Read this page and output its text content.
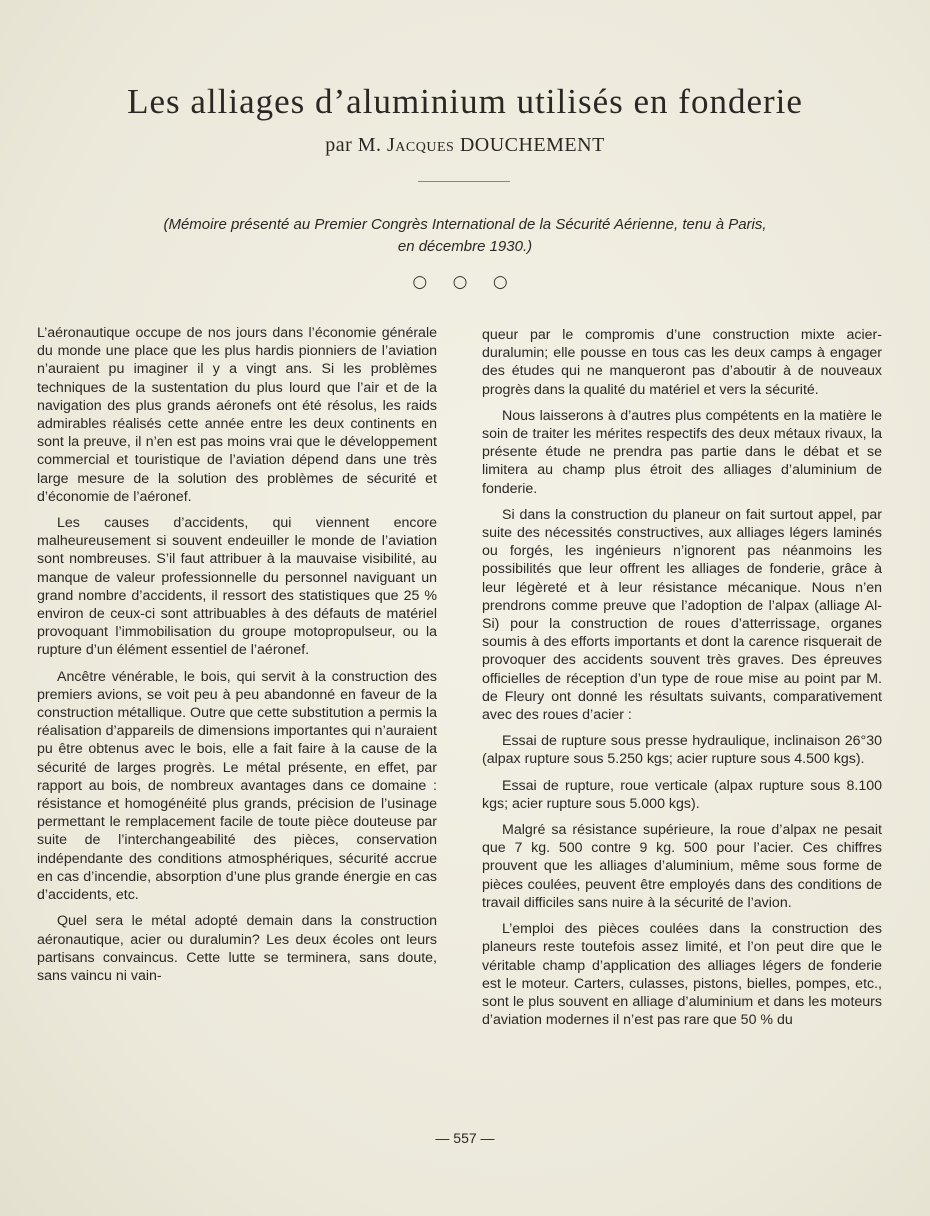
Les alliages d’aluminium utilisés en fonderie
par M. Jacques DOUCHEMENT
(Mémoire présenté au Premier Congrès International de la Sécurité Aérienne, tenu à Paris,
en décembre 1930.)
○ ○ ○

L’aéronautique occupe de nos jours dans l’économie générale du monde une place que les plus hardis pionniers de l’aviation n’auraient pu imaginer il y a vingt ans. Si les problèmes techniques de la sustentation du plus lourd que l’air et de la navigation des plus grands aéronefs ont été résolus, les raids admirables réalisés cette année entre les deux continents en sont la preuve, il n’en est pas moins vrai que le développement commercial et touristique de l’aviation dépend dans une très large mesure de la solution des problèmes de sécurité et d’économie de l’aéronef.

Les causes d’accidents, qui viennent encore malheureusement si souvent endeuiller le monde de l’aviation sont nombreuses. S’il faut attribuer à la mauvaise visibilité, au manque de valeur professionnelle du personnel naviguant un grand nombre d’accidents, il ressort des statistiques que 25 % environ de ceux-ci sont attribuables à des défauts de matériel provoquant l’immobilisation du groupe motopropulseur, ou la rupture d’un élément essentiel de l’aéronef.

Ancêtre vénérable, le bois, qui servit à la construction des premiers avions, se voit peu à peu abandonné en faveur de la construction métallique. Outre que cette substitution a permis la réalisation d’appareils de dimensions importantes qui n’auraient pu être obtenus avec le bois, elle a fait faire à la cause de la sécurité de larges progrès. Le métal présente, en effet, par rapport au bois, de nombreux avantages dans ce domaine : résistance et homogénéité plus grands, précision de l’usinage permettant le remplacement facile de toute pièce douteuse par suite de l’interchangeabilité des pièces, conservation indépendante des conditions atmosphériques, sécurité accrue en cas d’incendie, absorption d’une plus grande énergie en cas d’accidents, etc.

Quel sera le métal adopté demain dans la construction aéronautique, acier ou duralumin? Les deux écoles ont leurs partisans convaincus. Cette lutte se terminera, sans doute, sans vaincu ni vain-

queur par le compromis d’une construction mixte acier-duralumin; elle pousse en tous cas les deux camps à engager des études qui ne manqueront pas d’aboutir à de nouveaux progrès dans la qualité du matériel et vers la sécurité.

Nous laisserons à d’autres plus compétents en la matière le soin de traiter les mérites respectifs des deux métaux rivaux, la présente étude ne prendra pas partie dans le débat et se limitera au champ plus étroit des alliages d’aluminium de fonderie.

Si dans la construction du planeur on fait surtout appel, par suite des nécessités constructives, aux alliages légers laminés ou forgés, les ingénieurs n’ignorent pas néanmoins les possibilités que leur offrent les alliages de fonderie, grâce à leur légèreté et à leur résistance mécanique. Nous n’en prendrons comme preuve que l’adoption de l’alpax (alliage Al-Si) pour la construction de roues d’atterrissage, organes soumis à des efforts importants et dont la carence risquerait de provoquer des accidents souvent très graves. Des épreuves officielles de réception d’un type de roue mise au point par M. de Fleury ont donné les résultats suivants, comparativement avec des roues d’acier :

Essai de rupture sous presse hydraulique, inclinaison 26°30 (alpax rupture sous 5.250 kgs; acier rupture sous 4.500 kgs).

Essai de rupture, roue verticale (alpax rupture sous 8.100 kgs; acier rupture sous 5.000 kgs).

Malgré sa résistance supérieure, la roue d’alpax ne pesait que 7 kg. 500 contre 9 kg. 500 pour l’acier. Ces chiffres prouvent que les alliages d’aluminium, même sous forme de pièces coulées, peuvent être employés dans des conditions de travail difficiles sans nuire à la sécurité de l’avion.

L’emploi des pièces coulées dans la construction des planeurs reste toutefois assez limité, et l’on peut dire que le véritable champ d’application des alliages légers de fonderie est le moteur. Carters, culasses, pistons, bielles, pompes, etc., sont le plus souvent en alliage d’aluminium et dans les moteurs d’aviation modernes il n’est pas rare que 50 % du

— 557 —
